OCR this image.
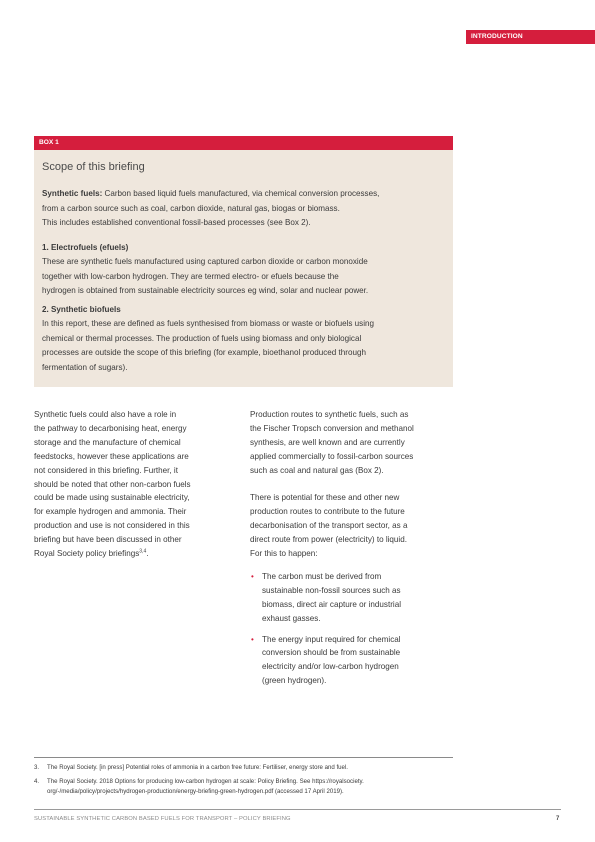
INTRODUCTION
BOX 1
Scope of this briefing

Synthetic fuels: Carbon based liquid fuels manufactured, via chemical conversion processes,

from a carbon source such as coal, carbon dioxide, natural gas, biogas or biomass.

This includes established conventional fossil-based processes (see Box 2).

1. Electrofuels (efuels)

These are synthetic fuels manufactured using captured carbon dioxide or carbon monoxide

together with low-carbon hydrogen. They are termed electro- or efuels because the

hydrogen is obtained from sustainable electricity sources eg wind, solar and nuclear power.

2. Synthetic biofuels

In this report, these are defined as fuels synthesised from biomass or waste or biofuels using

chemical or thermal processes. The production of fuels using biomass and only biological

processes are outside the scope of this briefing (for example, bioethanol produced through

fermentation of sugars).

Synthetic fuels could also have a role in

the pathway to decarbonising heat, energy

storage and the manufacture of chemical

feedstocks, however these applications are

not considered in this briefing. Further, it

should be noted that other non-carbon fuels

could be made using sustainable electricity,

for example hydrogen and ammonia. Their

production and use is not considered in this

briefing but have been discussed in other

Royal Society policy briefings$^{3,4}$.

Production routes to synthetic fuels, such as

the Fischer Tropsch conversion and methanol

synthesis, are well known and are currently

applied commercially to fossil-carbon sources

such as coal and natural gas (Box 2).

There is potential for these and other new

production routes to contribute to the future

decarbonisation of the transport sector, as a

direct route from power (electricity) to liquid.

For this to happen:

• The carbon must be derived from
sustainable non-fossil sources such as
biomass, direct air capture or industrial
exhaust gasses.
• The energy input required for chemical
conversion should be from sustainable
electricity and/or low-carbon hydrogen
(green hydrogen).
3. The Royal Society. [in press] Potential roles of ammonia in a carbon free future: Fertiliser, energy store and fuel.
4. The Royal Society. 2018 Options for producing low-carbon hydrogen at scale: Policy Briefing. See https://royalsociety.
org/-/media/policy/projects/hydrogen-production/energy-briefing-green-hydrogen.pdf (accessed 17 April 2019).
SUSTAINABLE SYNTHETIC CARBON BASED FUELS FOR TRANSPORT – POLICY BRIEFING	7
